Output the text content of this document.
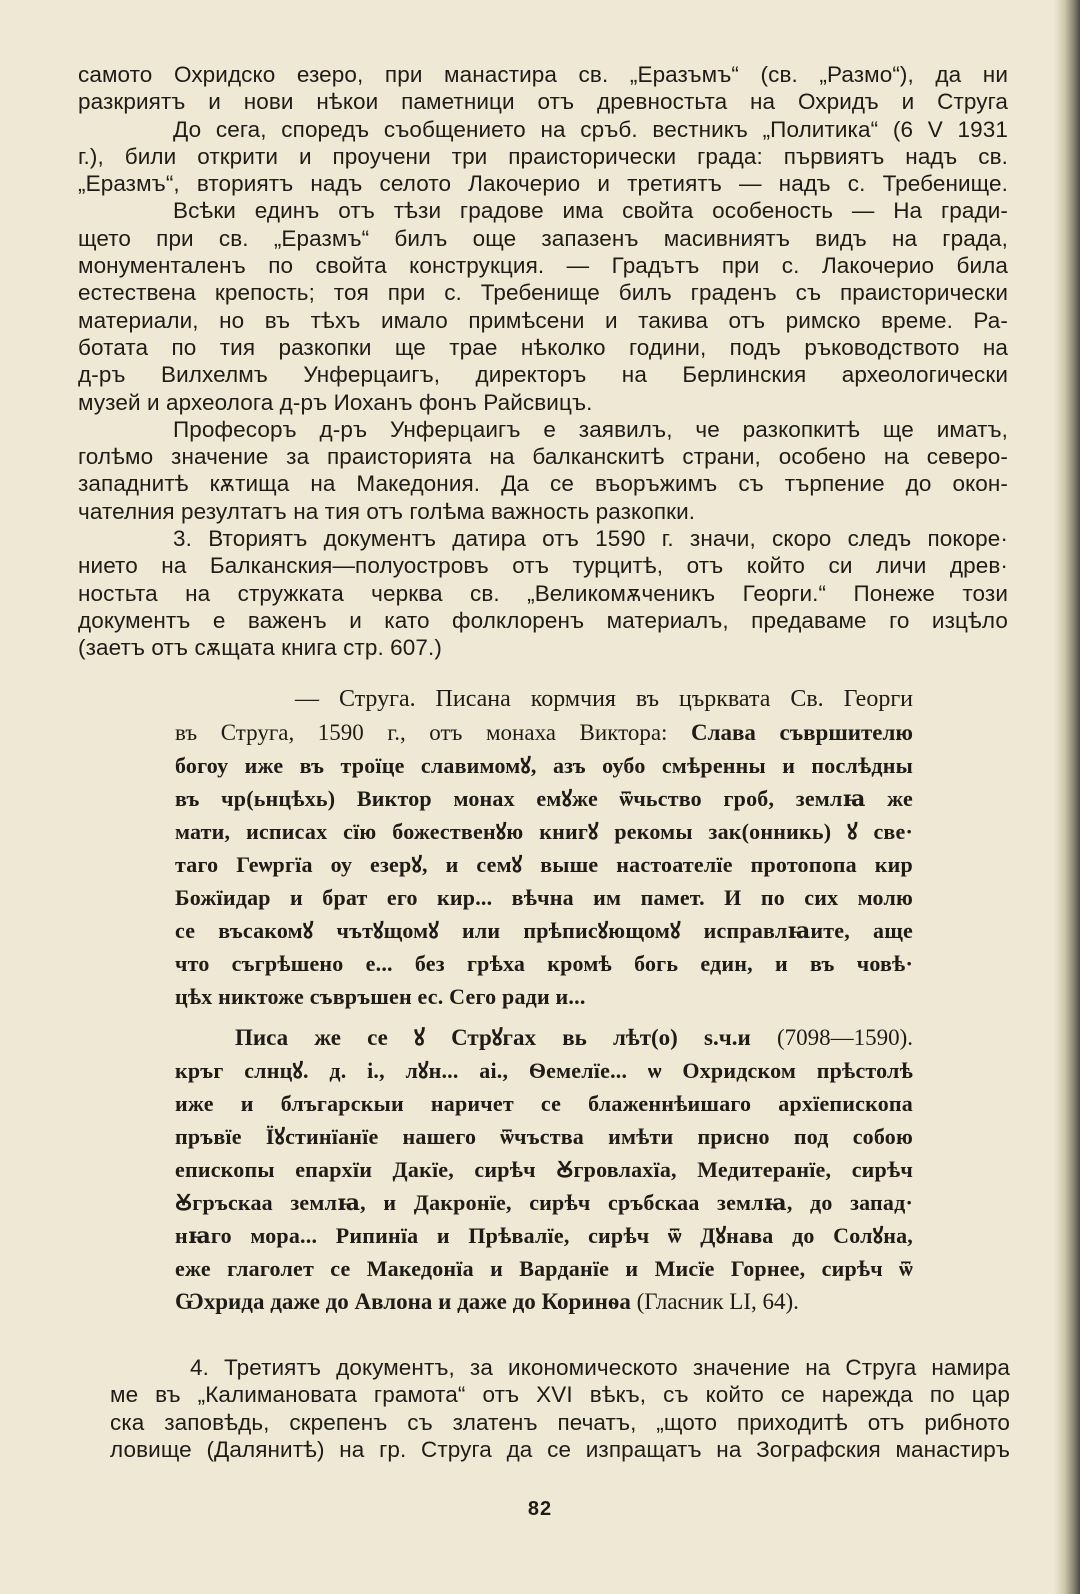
самото Охридско езеро, при манастира св. „Еразъмъ“ (св. „Размо“), да ни
разкриятъ и нови нѣкои паметници отъ древностьта на Охридъ и Струга
До сега, споредъ съобщението на сръб. вестникъ „Политика“ (6 V 1931
г.), били открити и проучени три праисторически града: първиятъ надъ св.
„Еразмъ“, вториятъ надъ селото Лакочерио и третиятъ — надъ с. Требенище.
Всѣки единъ отъ тѣзи градове има свойта особеность — На гради-
щето при св. „Еразмъ“ билъ още запазенъ масивниятъ видъ на града,
монументаленъ по свойта конструкция. — Градътъ при с. Лакочерио била
естествена крепость; тоя при с. Требенище билъ граденъ съ праисторически
материали, но въ тѣхъ имало примѣсени и такива отъ римско време. Ра-
ботата по тия разкопки ще трае нѣколко години, подъ ръководството на
д-ръ Вилхелмъ Унферцаигъ, директоръ на Берлинския археологически
музей и археолога д-ръ Иоханъ фонъ Райсвицъ.
Професоръ д-ръ Унферцаигъ е заявилъ, че разкопкитѣ ще иматъ,
голѣмо значение за праисторията на балканскитѣ страни, особено на северо-
западнитѣ кѫтища на Македония. Да се въоръжимъ съ търпение до окон-
чателния резултатъ на тия отъ голѣма важность разкопки.
3. Вториятъ документъ датира отъ 1590 г. значи, скоро следъ покоре·
нието на Балканския—полуостровъ отъ турцитѣ, отъ който си личи древ·
ностьта на стружката черква св. „Великомѫченикъ Георги.“ Понеже този
документъ е важенъ и като фолклоренъ материалъ, предаваме го изцѣло
(заетъ отъ сѫщата книга стр. 607.)
— Струга. Писана кормчия въ църквата Св. Георги
въ Струга, 1590 г., отъ монаха Виктора: Слава съвршителю
богоу иже въ троїце славимомꙋ, азъ оубо смѣренны и послѣдны
въ чр(ьнцѣхь) Виктор монах емꙋже ѿчьство гроб, землꙗ же
мати, исписах сїю божественꙋю книгꙋ рекомы зак(онникь) ꙋ све·
таго Геѡргїа оу езерꙋ, и семꙋ выше настоателїе протопопа кир
Божїидар и брат его кир... вѣчна им памет. И по сих молю
се въсакомꙋ чътꙋщомꙋ или прѣписꙋющомꙋ исправлꙗите, аще
что съгрѣшено е... без грѣха кромѣ богь един, и въ човѣ·
цѣх никтоже съвръшен ес. Сего ради и...
Писа же се ꙋ Стрꙋгах вь лѣт(о) ѕ.ч.и (7098—1590).
кръг слнцꙋ. д. і., лꙋн... аі., Ѳемелїе... ѡ Охридском прѣстолѣ
иже и блъгарскыи наричет се блаженнѣишаго архїепископа
пръвїе Їꙋстинїанїе нашего ѿчъства имѣти присно под собою
епископы епархїи Дакїе, сирѣч Ꙋгровлахїа, Медитеранїе, сирѣч
Ꙋгръскаа землꙗ, и Дакронїе, сирѣч сръбскаа землꙗ, до запад·
нꙗго мора... Рипинїа и Прѣвалїе, сирѣч ѿ Дꙋнава до Солꙋна,
еже глаголет се Македонїа и Варданїе и Мисїе Горнее, сирѣч ѿ
Ѡхрида даже до Авлона и даже до Коринѳа (Гласник LI, 64).
4. Третиятъ документъ, за икономическото значение на Струга намира
ме въ „Калимановата грамота“ отъ XVI вѣкъ, съ който се нарежда по цар
ска заповѣдь, скрепенъ съ златенъ печатъ, „щото приходитѣ отъ рибното
ловище (Далянитѣ) на гр. Струга да се изпращатъ на Зографския манастиръ
82
